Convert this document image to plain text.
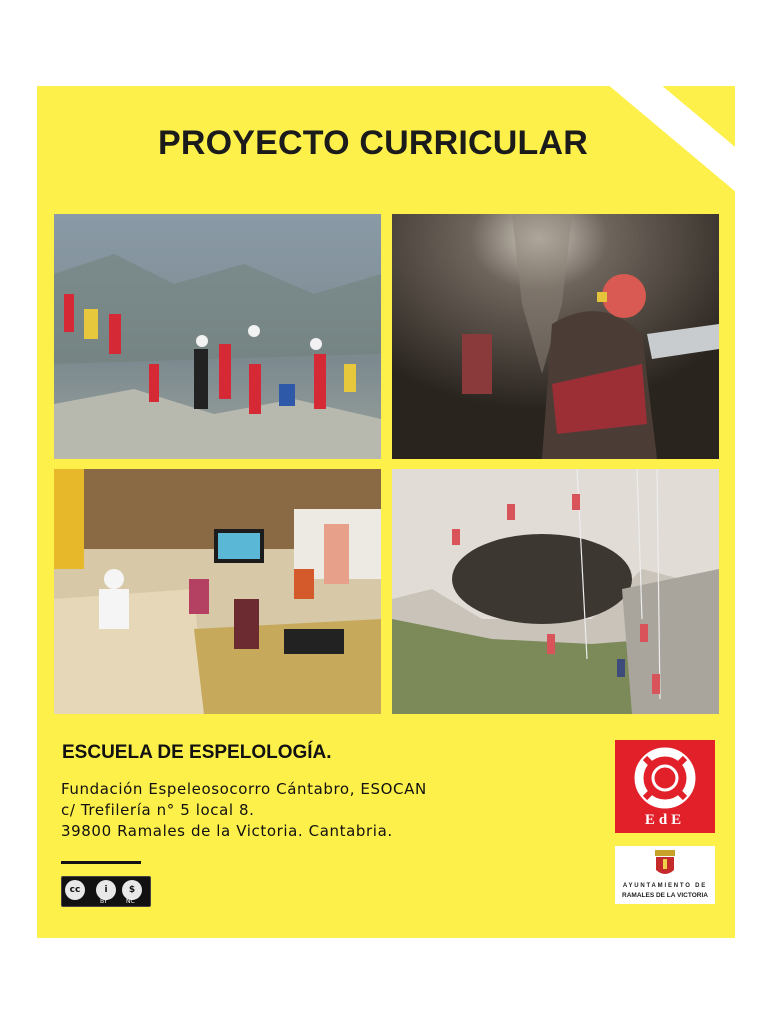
PROYECTO CURRICULAR
ESCUELA DE ESPELOLOGÍA.
Fundación Espeleosocorro Cántabro, ESOCAN
c/ Trefilería n° 5 local 8.
39800 Ramales de la Victoria. Cantabria.
cc	i	$
BY	NC
EdE
AYUNTAMIENTO DE
RAMALES DE LA VICTORIA
